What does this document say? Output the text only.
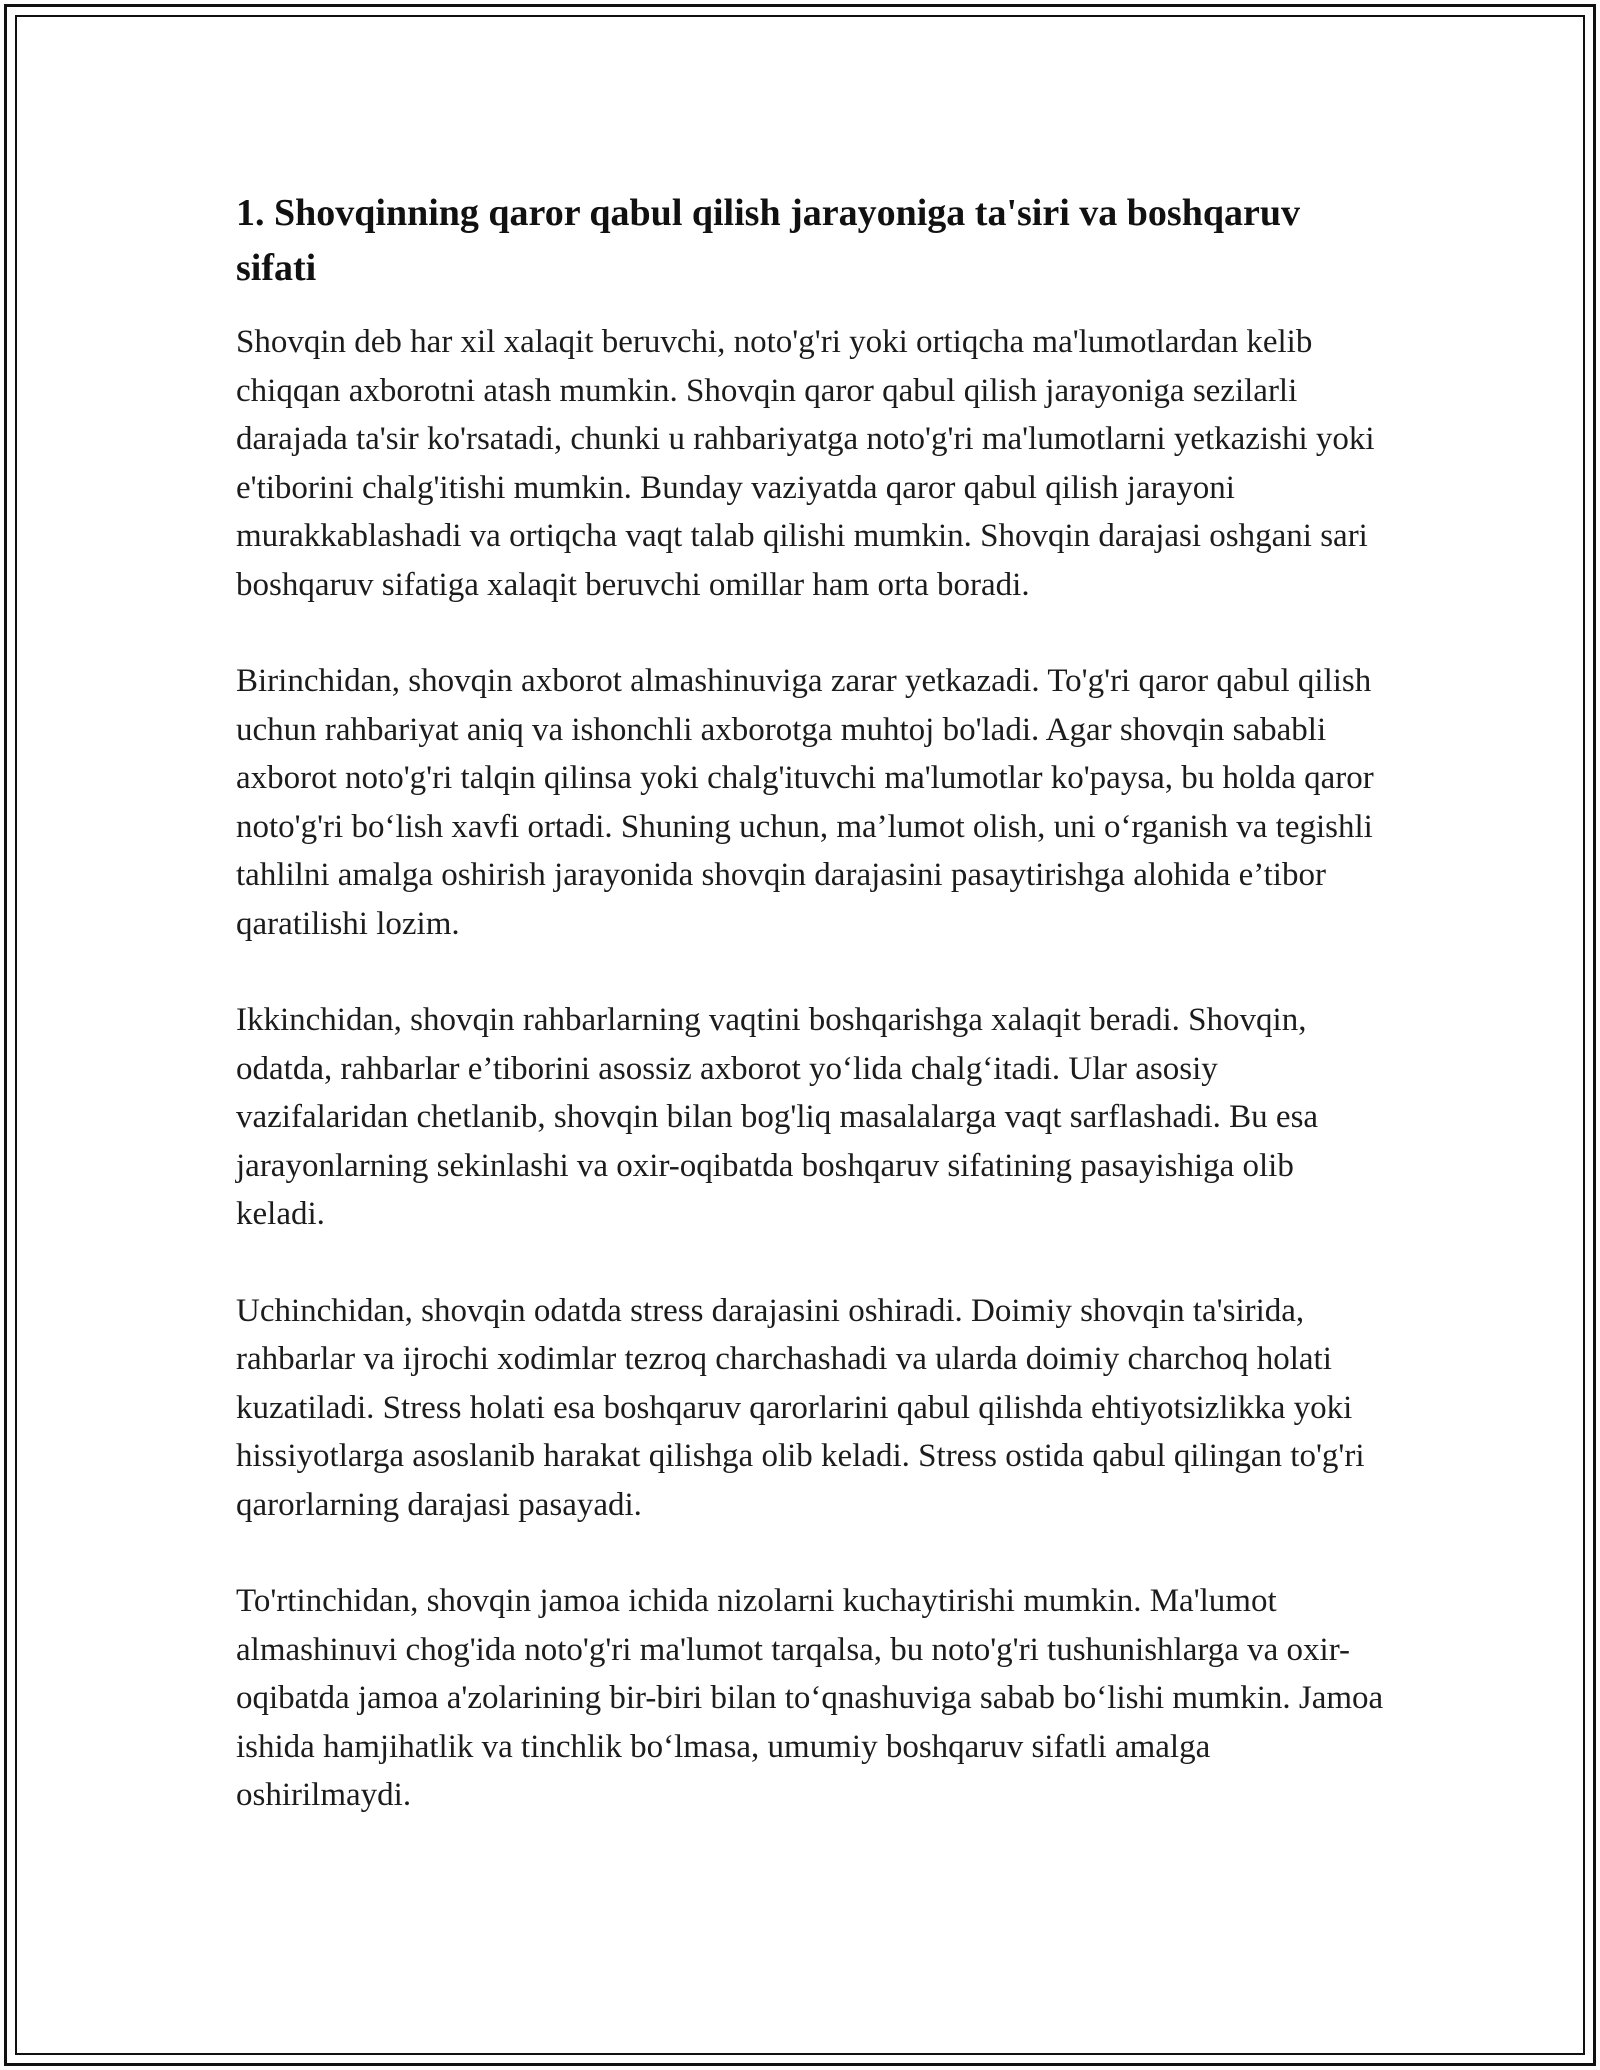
1. Shovqinning qaror qabul qilish jarayoniga ta'siri va boshqaruv sifati

Shovqin deb har xil xalaqit beruvchi, noto'g'ri yoki ortiqcha ma'lumotlardan kelib chiqqan axborotni atash mumkin. Shovqin qaror qabul qilish jarayoniga sezilarli darajada ta'sir ko'rsatadi, chunki u rahbariyatga noto'g'ri ma'lumotlarni yetkazishi yoki e'tiborini chalg'itishi mumkin. Bunday vaziyatda qaror qabul qilish jarayoni murakkablashadi va ortiqcha vaqt talab qilishi mumkin. Shovqin darajasi oshgani sari boshqaruv sifatiga xalaqit beruvchi omillar ham orta boradi.

Birinchidan, shovqin axborot almashinuviga zarar yetkazadi. To'g'ri qaror qabul qilish uchun rahbariyat aniq va ishonchli axborotga muhtoj bo'ladi. Agar shovqin sababli axborot noto'g'ri talqin qilinsa yoki chalg'ituvchi ma'lumotlar ko'paysa, bu holda qaror noto'g'ri bo‘lish xavfi ortadi. Shuning uchun, ma’lumot olish, uni o‘rganish va tegishli tahlilni amalga oshirish jarayonida shovqin darajasini pasaytirishga alohida e’tibor qaratilishi lozim.

Ikkinchidan, shovqin rahbarlarning vaqtini boshqarishga xalaqit beradi. Shovqin, odatda, rahbarlar e’tiborini asossiz axborot yo‘lida chalg‘itadi. Ular asosiy vazifalaridan chetlanib, shovqin bilan bog'liq masalalarga vaqt sarflashadi. Bu esa jarayonlarning sekinlashi va oxir-oqibatda boshqaruv sifatining pasayishiga olib keladi.

Uchinchidan, shovqin odatda stress darajasini oshiradi. Doimiy shovqin ta'sirida, rahbarlar va ijrochi xodimlar tezroq charchashadi va ularda doimiy charchoq holati kuzatiladi. Stress holati esa boshqaruv qarorlarini qabul qilishda ehtiyotsizlikka yoki hissiyotlarga asoslanib harakat qilishga olib keladi. Stress ostida qabul qilingan to'g'ri qarorlarning darajasi pasayadi.

To'rtinchidan, shovqin jamoa ichida nizolarni kuchaytirishi mumkin. Ma'lumot almashinuvi chog'ida noto'g'ri ma'lumot tarqalsa, bu noto'g'ri tushunishlarga va oxir-oqibatda jamoa a'zolarining bir-biri bilan to‘qnashuviga sabab bo‘lishi mumkin. Jamoa ishida hamjihatlik va tinchlik bo‘lmasa, umumiy boshqaruv sifatli amalga oshirilmaydi.
